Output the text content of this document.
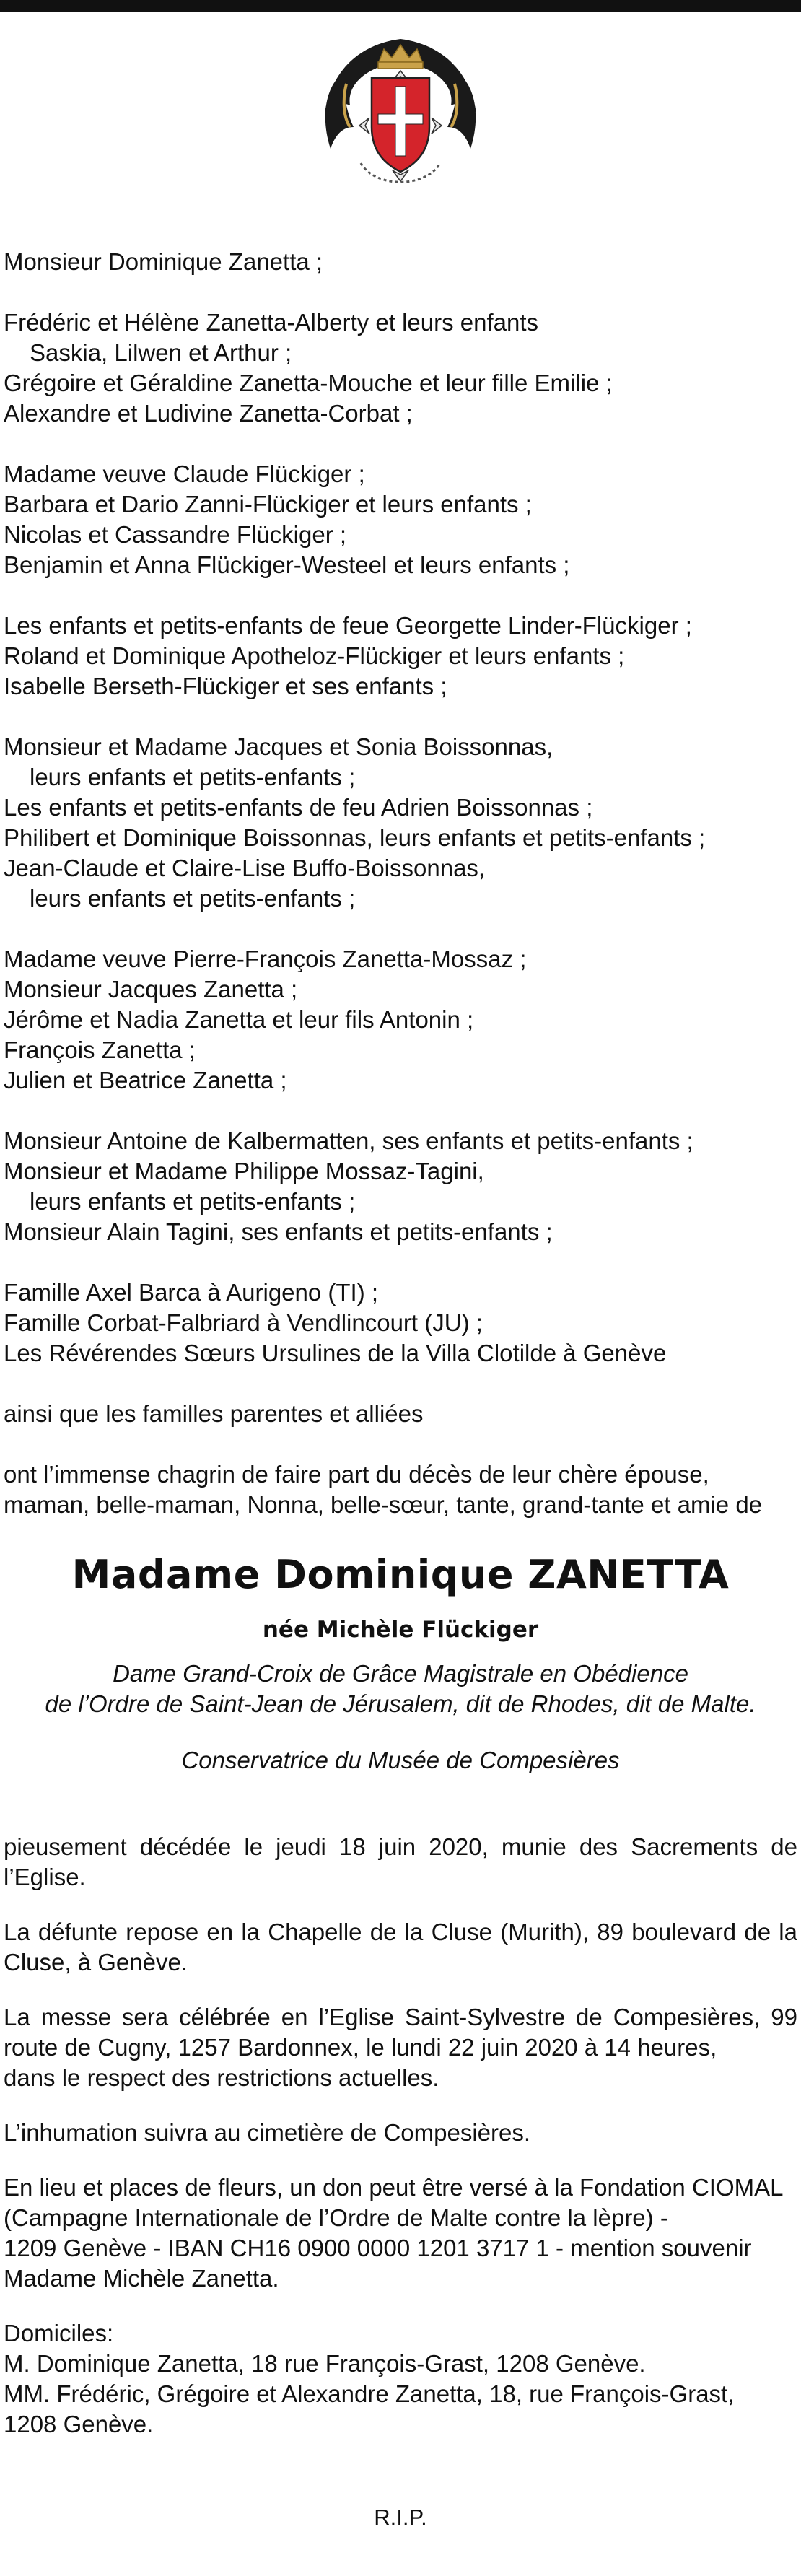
Monsieur Dominique Zanetta ;
Frédéric et Hélène Zanetta-Alberty et leurs enfants
Saskia, Lilwen et Arthur ;
Grégoire et Géraldine Zanetta-Mouche et leur fille Emilie ;
Alexandre et Ludivine Zanetta-Corbat ;
Madame veuve Claude Flückiger ;
Barbara et Dario Zanni-Flückiger et leurs enfants ;
Nicolas et Cassandre Flückiger ;
Benjamin et Anna Flückiger-Westeel et leurs enfants ;
Les enfants et petits-enfants de feue Georgette Linder-Flückiger ;
Roland et Dominique Apotheloz-Flückiger et leurs enfants ;
Isabelle Berseth-Flückiger et ses enfants ;
Monsieur et Madame Jacques et Sonia Boissonnas,
leurs enfants et petits-enfants ;
Les enfants et petits-enfants de feu Adrien Boissonnas ;
Philibert et Dominique Boissonnas, leurs enfants et petits-enfants ;
Jean-Claude et Claire-Lise Buffo-Boissonnas,
leurs enfants et petits-enfants ;
Madame veuve Pierre-François Zanetta-Mossaz ;
Monsieur Jacques Zanetta ;
Jérôme et Nadia Zanetta et leur fils Antonin ;
François Zanetta ;
Julien et Beatrice Zanetta ;
Monsieur Antoine de Kalbermatten, ses enfants et petits-enfants ;
Monsieur et Madame Philippe Mossaz-Tagini,
leurs enfants et petits-enfants ;
Monsieur Alain Tagini, ses enfants et petits-enfants ;
Famille Axel Barca à Aurigeno (TI) ;
Famille Corbat-Falbriard à Vendlincourt (JU) ;
Les Révérendes Sœurs Ursulines de la Villa Clotilde à Genève
ainsi que les familles parentes et alliées
ont l’immense chagrin de faire part du décès de leur chère épouse,
maman, belle-maman, Nonna, belle-sœur, tante, grand-tante et amie de
Madame Dominique ZANETTA
née Michèle Flückiger
Dame Grand-Croix de Grâce Magistrale en Obédience
de l’Ordre de Saint-Jean de Jérusalem, dit de Rhodes, dit de Malte.
Conservatrice du Musée de Compesières
pieusement décédée le jeudi 18 juin 2020, munie des Sacrements de l’Eglise.
La défunte repose en la Chapelle de la Cluse (Murith), 89 boulevard de la Cluse, à Genève.
La messe sera célébrée en l’Eglise Saint-Sylvestre de Compesières, 99 route de Cugny, 1257 Bardonnex, le lundi 22 juin 2020 à 14 heures,
dans le respect des restrictions actuelles.
L’inhumation suivra au cimetière de Compesières.
En lieu et places de fleurs, un don peut être versé à la Fondation CIOMAL
(Campagne Internationale de l’Ordre de Malte contre la lèpre) -
1209 Genève - IBAN CH16 0900 0000 1201 3717 1 - mention souvenir
Madame Michèle Zanetta.
Domiciles:
M. Dominique Zanetta, 18 rue François-Grast, 1208 Genève.
MM. Frédéric, Grégoire et Alexandre Zanetta, 18, rue François-Grast,
1208 Genève.
R.I.P.
